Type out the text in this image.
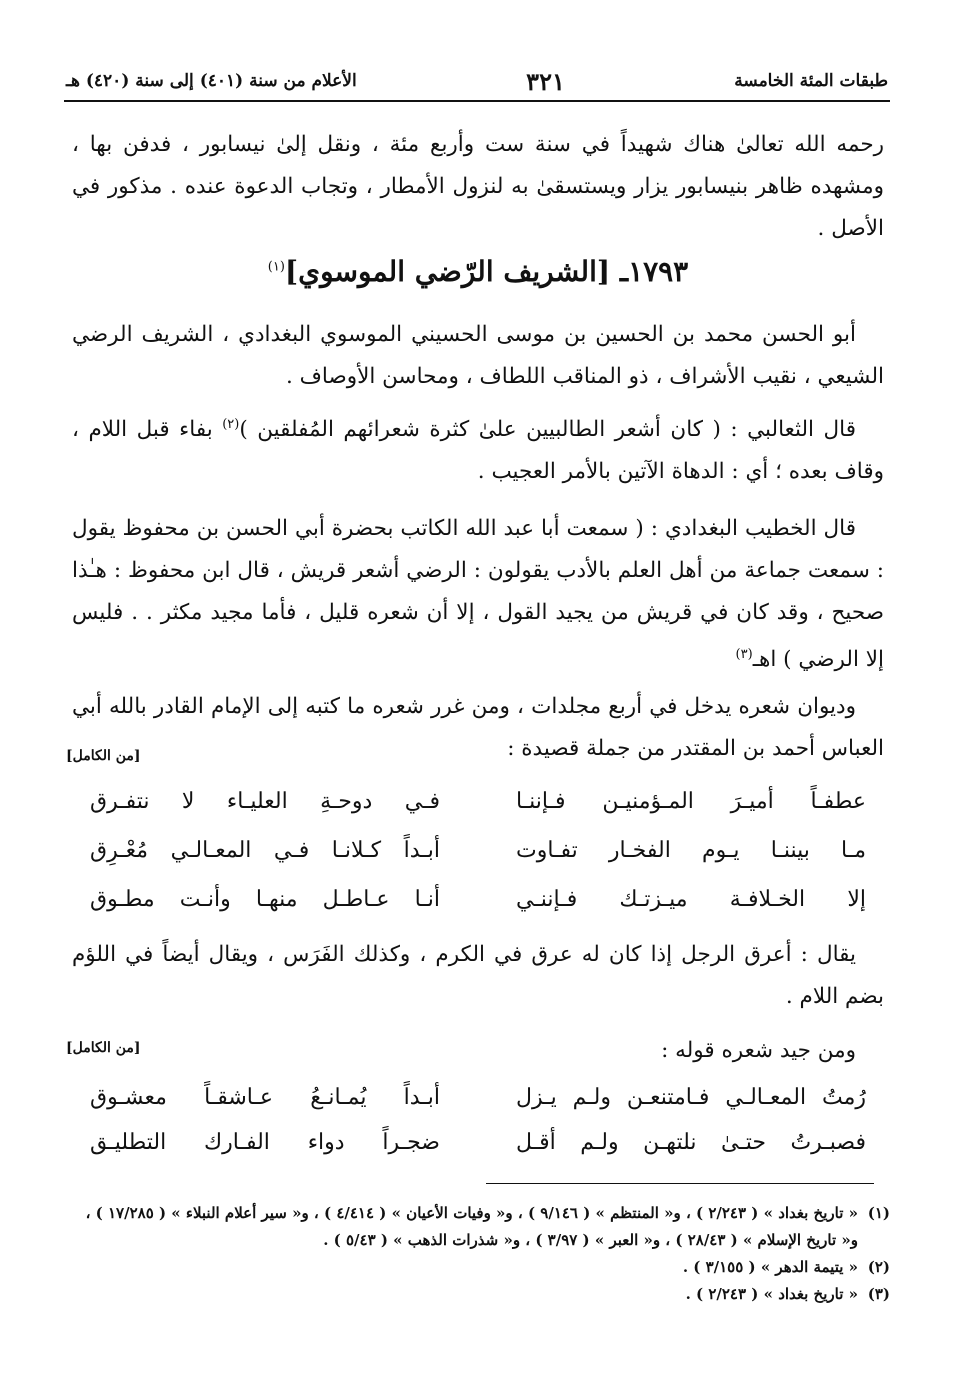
طبقات المئة الخامسة
٣٢١
الأعلام من سنة (٤٠١) إلى سنة (٤٢٠) هـ

رحمه الله تعالىٰ هناك شهيداً في سنة ست وأربع مئة ، ونقل إلىٰ نيسابور ، فدفن بها ، ومشهده ظاهر بنيسابور يزار ويستسقىٰ به لنزول الأمطار ، وتجاب الدعوة عنده . مذكور في الأصل .

١٧٩٣ـ [الشريف الرّضي الموسوي]$^{(١)}$

أبو الحسن محمد بن الحسين بن موسى الحسيني الموسوي البغدادي ، الشريف الرضي الشيعي ، نقيب الأشراف ، ذو المناقب اللطاف ، ومحاسن الأوصاف .

قال الثعالبي : ( كان أشعر الطالبيين علىٰ كثرة شعرائهم المُفلقين )$^{(٢)}$ بفاء قبل اللام ، وقاف بعده ؛ أي : الدهاة الآتين بالأمر العجيب .

قال الخطيب البغدادي : ( سمعت أبا عبد الله الكاتب بحضرة أبي الحسن بن محفوظ يقول : سمعت جماعة من أهل العلم بالأدب يقولون : الرضي أشعر قريش ، قال ابن محفوظ : هـٰذا صحيح ، وقد كان في قريش من يجيد القول ، إلا أن شعره قليل ، فأما مجيد مكثر . . فليس إلا الرضي ) اهـ$^{(٣)}$

وديوان شعره يدخل في أربع مجلدات ، ومن غرر شعره ما كتبه إلى الإمام القادر بالله أبي العباس أحمد بن المقتدر من جملة قصيدة :

[من الكامل]
عطفـاً أميـرَ المـؤمنيـن فـإننـا
فـي دوحـةِ العليـاء لا نتفـرق
مـا بيننـا يـوم الفخـار تفـاوت
أبـداً كـلانـا فـي المعـالـي مُعْـرِق
إلا الخـلافـة ميـزتـك فـإننـي
أنـا عـاطـل منهـا وأنـت مطـوق

يقال : أعرق الرجل إذا كان له عرق في الكرم ، وكذلك الفَرَس ، ويقال أيضاً في اللؤم بضم اللام .

ومن جيد شعره قوله :

[من الكامل]
رُمتُ المعـالـي فـامتنعـن ولـم يـزل
أبـداً يُمـانـعُ عـاشقـاً معشـوق
فصبـرتُ حتـىٰ نلتهـن ولـم أقـل
ضجـراً دواء الفـارك التطليـق
(١)
« تاريخ بغداد » ( ٢/٢٤٣ ) ، و« المنتظم » ( ٩/١٤٦ ) ، و« وفيات الأعيان » ( ٤/٤١٤ ) ، و« سير أعلام النبلاء » ( ١٧/٢٨٥ ) ، و« تاريخ الإسلام » ( ٢٨/٤٣ ) ، و« العبر » ( ٣/٩٧ ) ، و« شذرات الذهب » ( ٥/٤٣ ) .
(٢)
« يتيمة الدهر » ( ٣/١٥٥ ) .
(٣)
« تاريخ بغداد » ( ٢/٢٤٣ ) .
